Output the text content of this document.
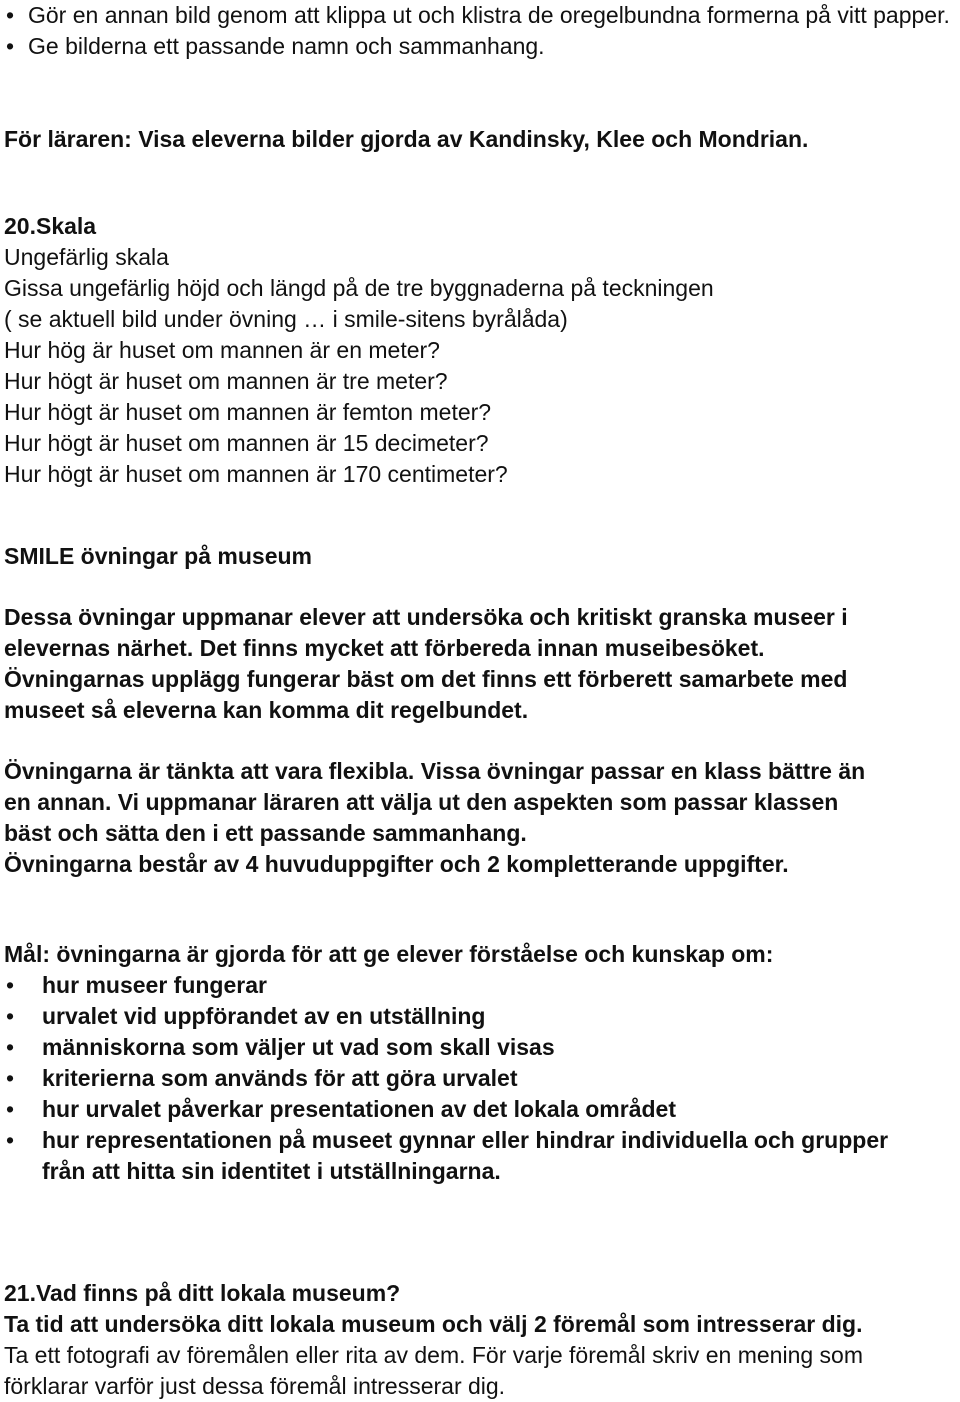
• Gör en annan bild genom att klippa ut och klistra de oregelbundna formerna på vitt papper.
• Ge bilderna ett passande namn och sammanhang.

För läraren: Visa eleverna bilder gjorda av Kandinsky, Klee och Mondrian.

20.Skala

Ungefärlig skala

Gissa ungefärlig höjd och längd på de tre byggnaderna på teckningen

( se aktuell bild under övning … i smile-sitens byrålåda)

Hur hög är huset om mannen är en meter?

Hur högt är huset om mannen är tre meter?

Hur högt är huset om mannen är femton meter?

Hur högt är huset om mannen är 15 decimeter?

Hur högt är huset om mannen är 170 centimeter?

SMILE övningar på museum

Dessa övningar uppmanar elever att undersöka och kritiskt granska museer i

elevernas närhet. Det finns mycket att förbereda innan museibesöket.

Övningarnas upplägg fungerar bäst om det finns ett förberett samarbete med

museet så eleverna kan komma dit regelbundet.

Övningarna är tänkta att vara flexibla. Vissa övningar passar en klass bättre än

en annan. Vi uppmanar läraren att välja ut den aspekten som passar klassen

bäst och sätta den i ett passande sammanhang.

Övningarna består av 4 huvuduppgifter och 2 kompletterande uppgifter.

Mål: övningarna är gjorda för att ge elever förståelse och kunskap om:

• hur museer fungerar
• urvalet vid uppförandet av en utställning
• människorna som väljer ut vad som skall visas
• kriterierna som används för att göra urvalet
• hur urvalet påverkar presentationen av det lokala området
• hur representationen på museet gynnar eller hindrar individuella och grupper från att hitta sin identitet i utställningarna.

21.Vad finns på ditt lokala museum?

Ta tid att undersöka ditt lokala museum och välj 2 föremål som intresserar dig.

Ta ett fotografi av föremålen eller rita av dem. För varje föremål skriv en mening som

förklarar varför just dessa föremål intresserar dig.
